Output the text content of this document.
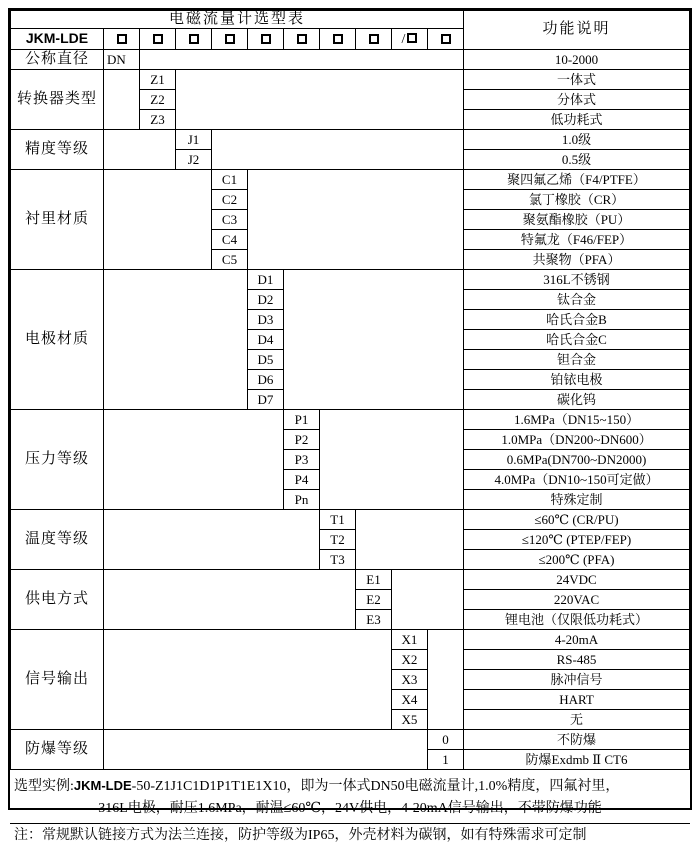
电磁流量计选型表											功能说明
JKM-LDE									/		
公称直径	DN										10-2000
转换器类型		Z1									一体式
		Z2									分体式
		Z3									低功耗式
精度等级			J1								1.0级
			J2								0.5级
衬里材质				C1							聚四氟乙烯（F4/PTFE）
				C2							氯丁橡胶（CR）
				C3							聚氨酯橡胶（PU）
				C4							特氟龙（F46/FEP）
				C5							共聚物（PFA）
电极材质					D1						316L不锈钢
					D2						钛合金
					D3						哈氏合金B
					D4						哈氏合金C
					D5						钽合金
					D6						铂铱电极
					D7						碳化钨
压力等级						P1					1.6MPa（DN15~150）
						P2					1.0MPa（DN200~DN600）
						P3					0.6MPa(DN700~DN2000)
						P4					4.0MPa（DN10~150可定做）
						Pn					特殊定制
温度等级							T1				≤60℃ (CR/PU)
							T2				≤120℃ (PTEP/FEP)
							T3				≤200℃ (PFA)
供电方式								E1			24VDC
								E2			220VAC
								E3			锂电池（仅限低功耗式）
信号输出									X1		4-20mA
									X2		RS-485
									X3		脉冲信号
									X4		HART
									X5		无
防爆等级										0	不防爆
										1	防爆Exdmb Ⅱ CT6
选型实例:JKM-LDE-50-Z1J1C1D1P1T1E1X10，即为一体式DN50电磁流量计,1.0%精度，四氟衬里，
316L电极，耐压1.6MPa，耐温≤60℃，24V供电，4-20mA信号输出，不带防爆功能
注：常规默认链接方式为法兰连接，防护等级为IP65，外壳材料为碳钢，如有特殊需求可定制
